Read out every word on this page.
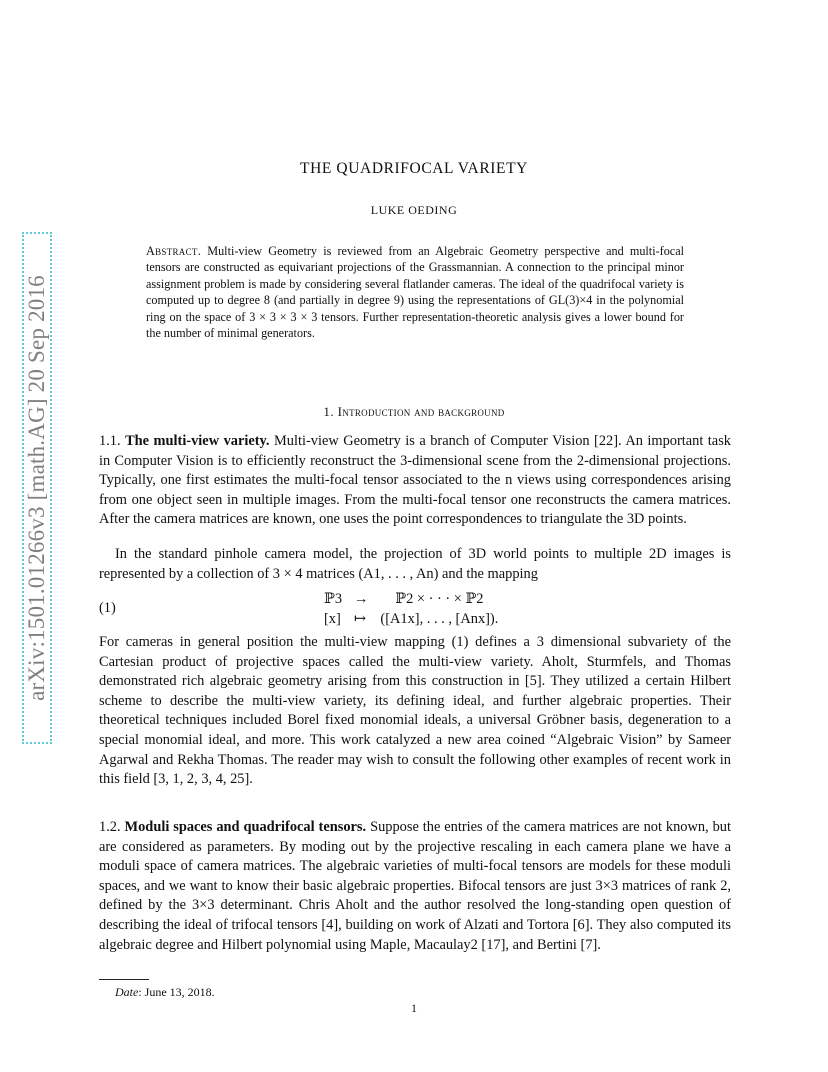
arXiv:1501.01266v3 [math.AG] 20 Sep 2016
THE QUADRIFOCAL VARIETY
LUKE OEDING
Abstract. Multi-view Geometry is reviewed from an Algebraic Geometry perspective and multi-focal tensors are constructed as equivariant projections of the Grassmannian. A connection to the principal minor assignment problem is made by considering several flatlander cameras. The ideal of the quadrifocal variety is computed up to degree 8 (and partially in degree 9) using the representations of GL(3)×4 in the polynomial ring on the space of 3 × 3 × 3 × 3 tensors. Further representation-theoretic analysis gives a lower bound for the number of minimal generators.
1. Introduction and background
1.1. The multi-view variety. Multi-view Geometry is a branch of Computer Vision [22]. An important task in Computer Vision is to efficiently reconstruct the 3-dimensional scene from the 2-dimensional projections. Typically, one first estimates the multi-focal tensor associated to the n views using correspondences arising from one object seen in multiple images. From the multi-focal tensor one reconstructs the camera matrices. After the camera matrices are known, one uses the point correspondences to triangulate the 3D points.
In the standard pinhole camera model, the projection of 3D world points to multiple 2D images is represented by a collection of 3 × 4 matrices (A1, . . . , An) and the mapping
(1)
ℙ3	→	ℙ2 × · · · × ℙ2
[x]	↦	([A1x], . . . , [Anx]).
For cameras in general position the multi-view mapping (1) defines a 3 dimensional subvariety of the Cartesian product of projective spaces called the multi-view variety. Aholt, Sturmfels, and Thomas demonstrated rich algebraic geometry arising from this construction in [5]. They utilized a certain Hilbert scheme to describe the multi-view variety, its defining ideal, and further algebraic properties. Their theoretical techniques included Borel fixed monomial ideals, a universal Gröbner basis, degeneration to a special monomial ideal, and more. This work catalyzed a new area coined “Algebraic Vision” by Sameer Agarwal and Rekha Thomas. The reader may wish to consult the following other examples of recent work in this field [3, 1, 2, 3, 4, 25].
1.2. Moduli spaces and quadrifocal tensors. Suppose the entries of the camera matrices are not known, but are considered as parameters. By moding out by the projective rescaling in each camera plane we have a moduli space of camera matrices. The algebraic varieties of multi-focal tensors are models for these moduli spaces, and we want to know their basic algebraic properties. Bifocal tensors are just 3×3 matrices of rank 2, defined by the 3×3 determinant. Chris Aholt and the author resolved the long-standing open question of describing the ideal of trifocal tensors [4], building on work of Alzati and Tortora [6]. They also computed its algebraic degree and Hilbert polynomial using Maple, Macaulay2 [17], and Bertini [7].
Date: June 13, 2018.
1
